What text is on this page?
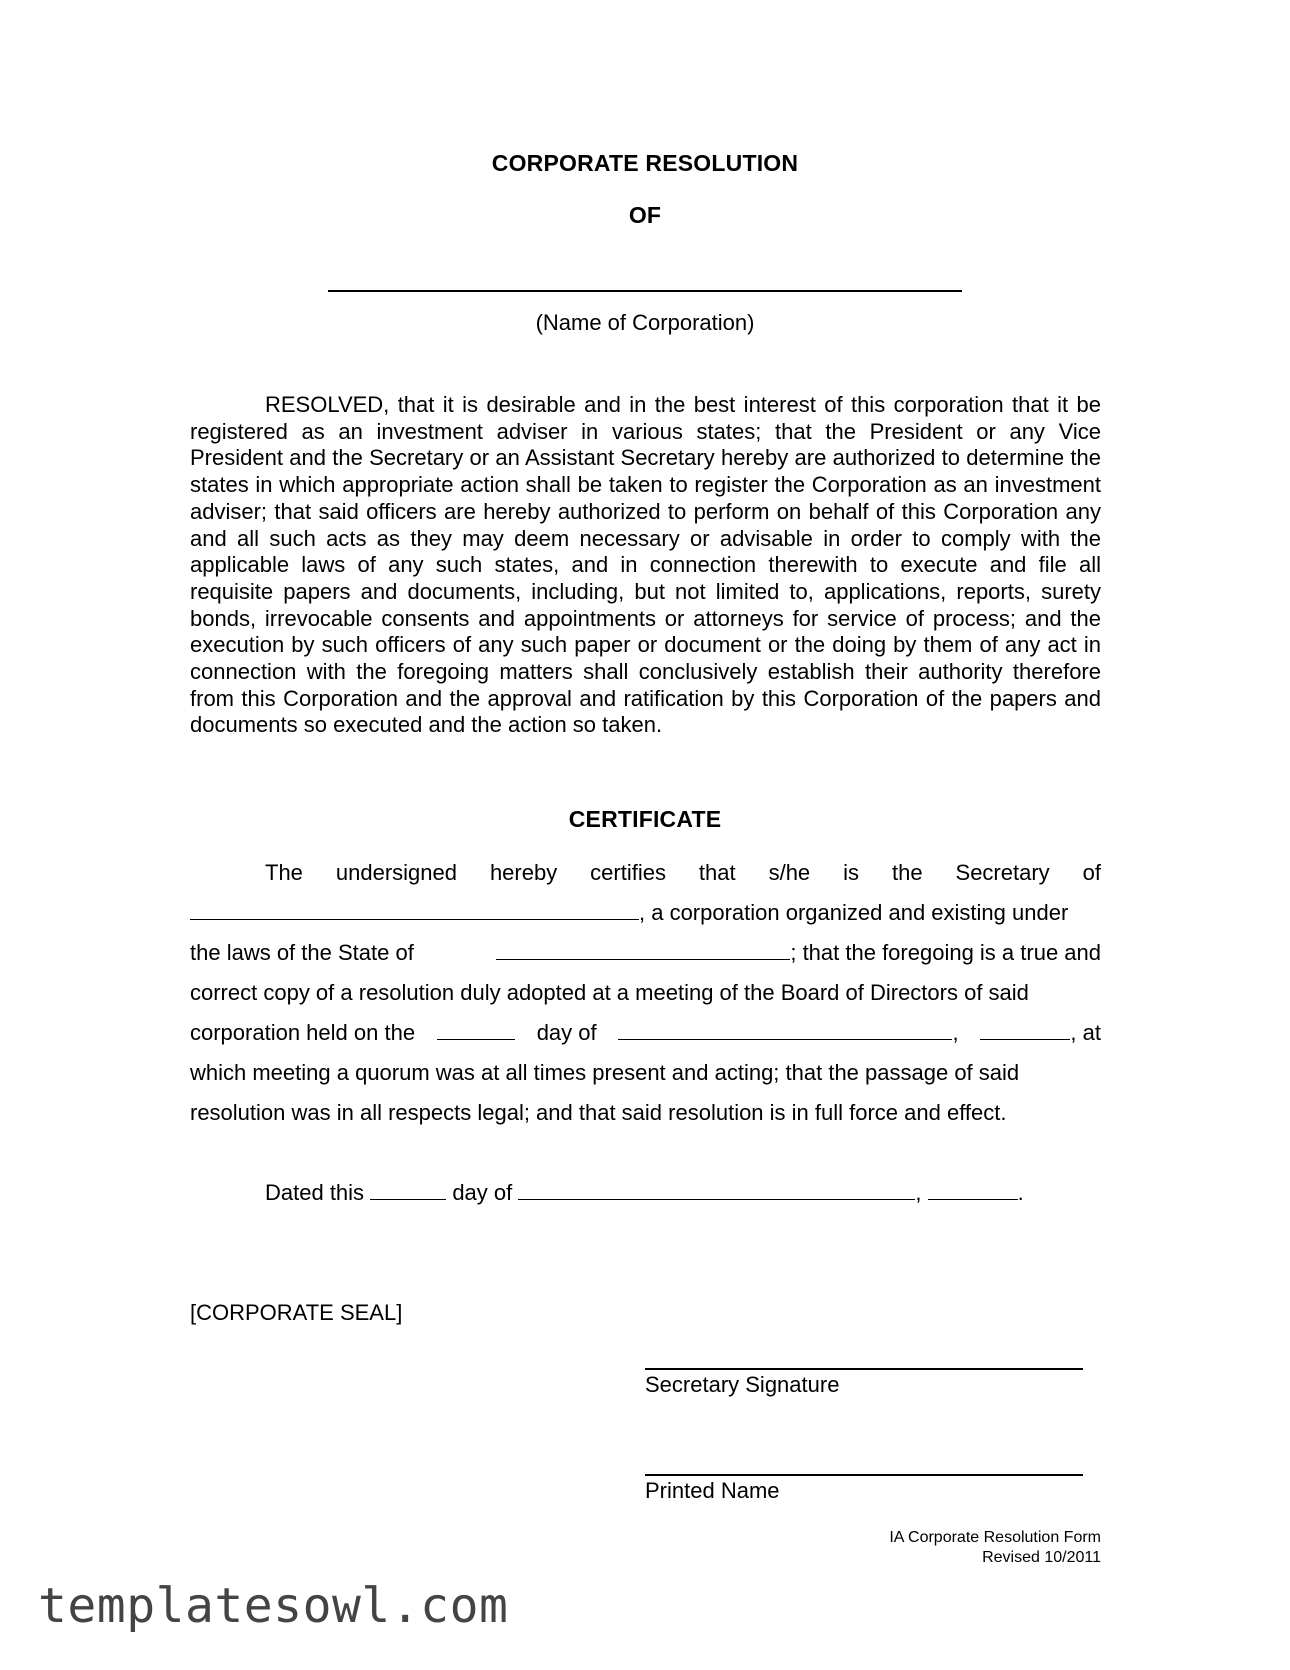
CORPORATE RESOLUTION
OF
(Name of Corporation)
RESOLVED, that it is desirable and in the best interest of this corporation that it be registered as an investment adviser in various states; that the President or any Vice President and the Secretary or an Assistant Secretary hereby are authorized to determine the states in which appropriate action shall be taken to register the Corporation as an investment adviser; that said officers are hereby authorized to perform on behalf of this Corporation any and all such acts as they may deem necessary or advisable in order to comply with the applicable laws of any such states, and in connection therewith to execute and file all requisite papers and documents, including, but not limited to, applications, reports, surety bonds, irrevocable consents and appointments or attorneys for service of process; and the execution by such officers of any such paper or document or the doing by them of any act in connection with the foregoing matters shall conclusively establish their authority therefore from this Corporation and the approval and ratification by this Corporation of the papers and documents so executed and the action so taken.
CERTIFICATE
The undersigned hereby certifies that s/he is the Secretary of
, a corporation organized and existing under
the laws of the State of	; that the foregoing is a true and
correct copy of a resolution duly adopted at a meeting of the Board of Directors of said
corporation held on the	day of	,	, at
which meeting a quorum was at all times present and acting; that the passage of said
resolution was in all respects legal; and that said resolution is in full force and effect.
Dated this	day of	,	.
[CORPORATE SEAL]
Secretary Signature
Printed Name
IA Corporate Resolution Form
Revised 10/2011
templatesowl.com
